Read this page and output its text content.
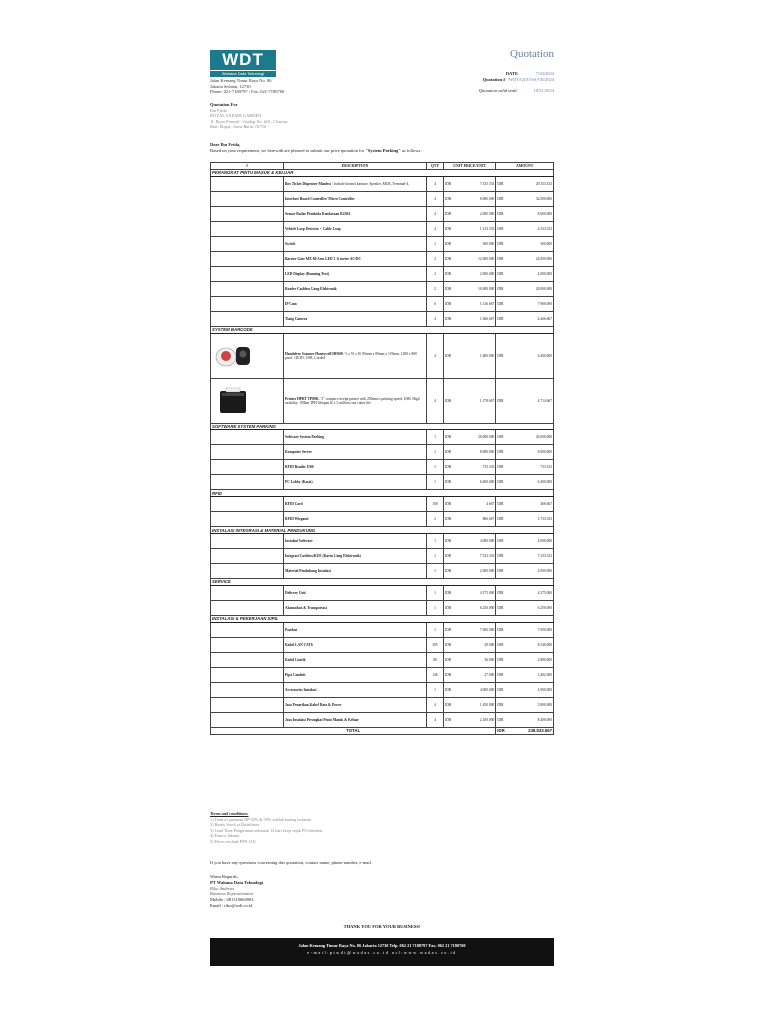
WDT
Wahana Data Teknologi
Quotation
Jalan Kemang Timur Raya No. 86
Jakarta Selatan, 12730
Phone: 021-7180797 / Fax: 021-7180760
DATE	7/30/2024
Quotation # /WDT/QUO/SS/VII/2024
Quotation valid until:	10/31/2024
Quotation For
Ibu Frida
ROYAL SAFARI GARDEN
Jl. Raya Puncak - Gadog No. 601, Cisarua
Kab. Bogor, Jawa Barat 16750
Dear Ibu Frida,
Based on your requirement, we herewith are pleased to submit our price quotation for "System Parking" as follows.
I	DESCRIPTION	QTY	UNIT PRICE/UNIT		AMOUNT	
PERANGKAT PINTU MASUK & KELUAR						
	Box Ticket Dispenser Manless / Include kontrol kartune, Speaker, MCB, Terminal-4,	4	IDR	7.333.333	IDR	29.333.333
	Interface Board Controller/ Micro Controller	4	IDR	8.000.000	IDR	32.000.000
	Sensor Radar Pembeda Kendaraan R2304	4	IDR	2.000.000	IDR	8.000.000
	Vehicle Loop Detector + Cable Loop	4	IDR	1.133.333	IDR	4.533.333
	Switch	1	IDR	300.000	IDR	300.000
	Barrier Gate MX-60 Arm LED 3 -6 meter AC/DC	2	IDR	12.000.000	IDR	24.000.000
	LED Display (Running Text)	2	IDR	2.000.000	IDR	4.000.000
	Reader Cashless Uang Elektronik	2	IDR	10.000.000	IDR	20.000.000
	IP Cam	6	IDR	1.316.667	IDR	7.900.000
	Tiang Camera	4	IDR	1.066.667	IDR	4.266.667
SYSTEM BARCODE						

	Handsfree Scanner Honeywell HF600 / L x W x H: 85mm x 89mm x 119mm, 1280 x 800 pixel, 1D/2D, USB, Corded	4	IDR	1.600.000	IDR	6.400.000

	Printer HPRT TP80K / 3" compact receipt printer with 250mm/s printing speed, USB. High usability: 100km TPH lifespan & 1.5 million cuts cutter life	4	IDR	1.178.667	IDR	4.714.667
SOFTWARE SYSTEM PARKING						
	Software System Parking	1	IDR	20.000.000	IDR	20.000.000
	Komputer Server	1	IDR	8.000.000	IDR	8.000.000
	RFID Reader USB	1	IDR	733.333	IDR	733.333
	PC Lobby (Kasir)	1	IDR	6.400.000	IDR	6.400.000
RFID						
	RFID Card	100	IDR	4.667	IDR	466.667
	RFID Wiegand	2	IDR	866.667	IDR	1.733.333
INSTALASI INTEGRASI & MATERIAL PENDUKUNG						
	Instalasi Software	1	IDR	4.000.000	IDR	4.000.000
	Integrasi Cashless/KUE (Kartu Uang Elektronik)	1	IDR	7.333.333	IDR	7.333.333
	Material Pendukung Instalasi	1	IDR	2.000.000	IDR	2.000.000
SERVICE						
	Delivery Unit	1	IDR	4.375.000	IDR	4.375.000
	Akomodasi & Transportasi	1	IDR	6.250.000	IDR	6.250.000
INSTALASI & PEKERJAAN SIPIL						
	Pondasi	1	IDR	7.000.000	IDR	7.000.000
	Kabel LAN CAT6	305	IDR	28.000	IDR	8.540.000
	Kabel Listrik	80	IDR	36.000	IDR	2.880.000
	Pipa Conduit	126	IDR	27.000	IDR	3.402.000
	Accessories Instalasi	1	IDR	4.900.000	IDR	4.900.000
	Jasa Penarikan Kabel Data & Power	4	IDR	1.450.000	IDR	5.800.000
	Jasa Instalasi Perangkat Pintu Masuk & Keluar	4	IDR	2.100.000	IDR	8.400.000
TOTAL					IDR	238.533.667
Terms and conditions:
1) Term of payment DP 50% & 50% setelah barang terkirim
2) Ready Stock at Distributor
3) Lead Time Pengiriman sekitaran 14 hari kerja sejak PO diterima
4) Franco Jakarta
5) Prices exclude PPN 11%
If you have any questions concerning this quotation, contact name, phone number, e-mail.
Warm Regards,
PT Wahana Data Teknologi
Riko Andreas
Business Representative
Mobile : 081310664903
Email : riko@wdt.co.id
THANK YOU FOR YOUR BUSINESS!
Jalan Kemang Timur Raya No. 86 Jakarta 12730 Telp. 062 21 7180797 Fax. 062 21 7180760
e-mail:ptwdt@wadas.co.id url:www.wadas.co.id
